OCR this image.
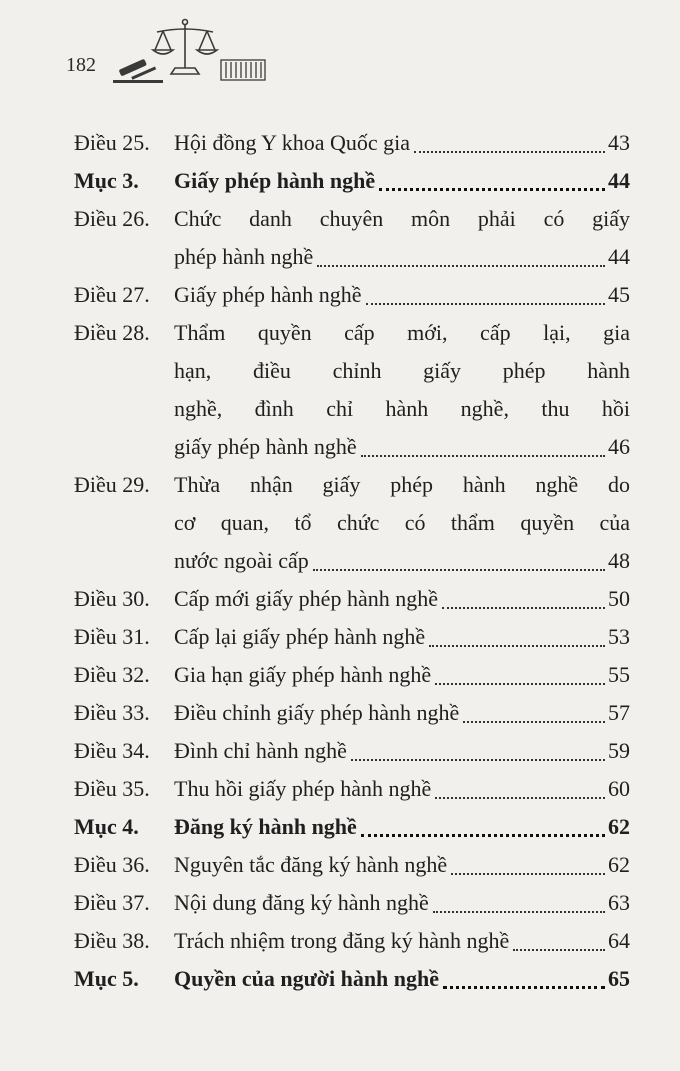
182
Điều 25.	Hội đồng Y khoa Quốc gia	43
Mục 3.	Giấy phép hành nghề	44
Điều 26.	Chức danh chuyên môn phải có giấy
phép hành nghề	44
Điều 27.	Giấy phép hành nghề	45
Điều 28.	Thẩm quyền cấp mới, cấp lại, gia
hạn, điều chỉnh giấy phép hành
nghề, đình chỉ hành nghề, thu hồi
giấy phép hành nghề	46
Điều 29.	Thừa nhận giấy phép hành nghề do
cơ quan, tổ chức có thẩm quyền của
nước ngoài cấp	48
Điều 30.	Cấp mới giấy phép hành nghề	50
Điều 31.	Cấp lại giấy phép hành nghề	53
Điều 32.	Gia hạn giấy phép hành nghề	55
Điều 33.	Điều chỉnh giấy phép hành nghề	57
Điều 34.	Đình chỉ hành nghề	59
Điều 35.	Thu hồi giấy phép hành nghề	60
Mục 4.	Đăng ký hành nghề	62
Điều 36.	Nguyên tắc đăng ký hành nghề	62
Điều 37.	Nội dung đăng ký hành nghề	63
Điều 38.	Trách nhiệm trong đăng ký hành nghề	64
Mục 5.	Quyền của người hành nghề	65
